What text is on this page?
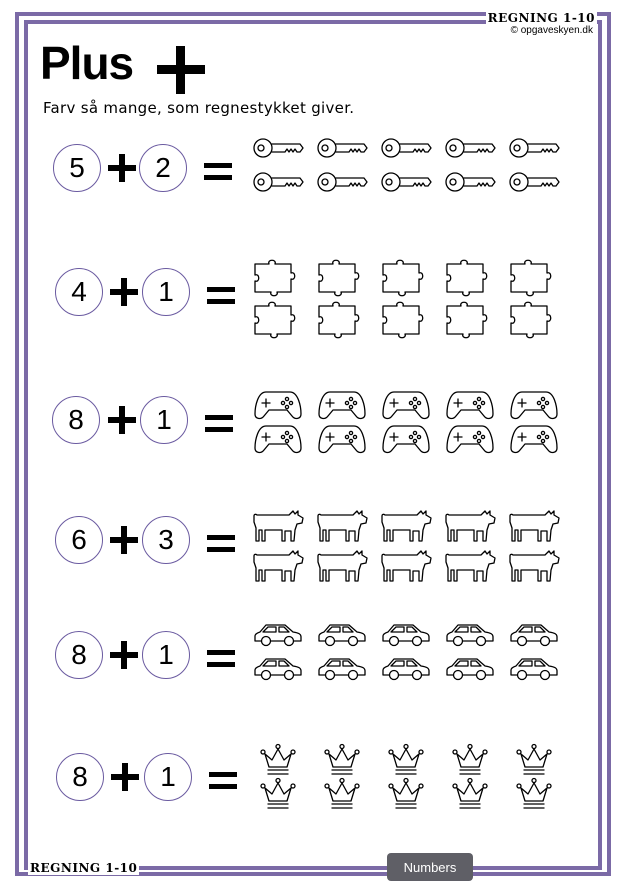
REGNING 1-10
© opgaveskyen.dk
Plus
Farv så mange, som regnestykket giver.
5	2
4	1
8	1
6	3
8	1
8	1
REGNING 1-10	Numbers
